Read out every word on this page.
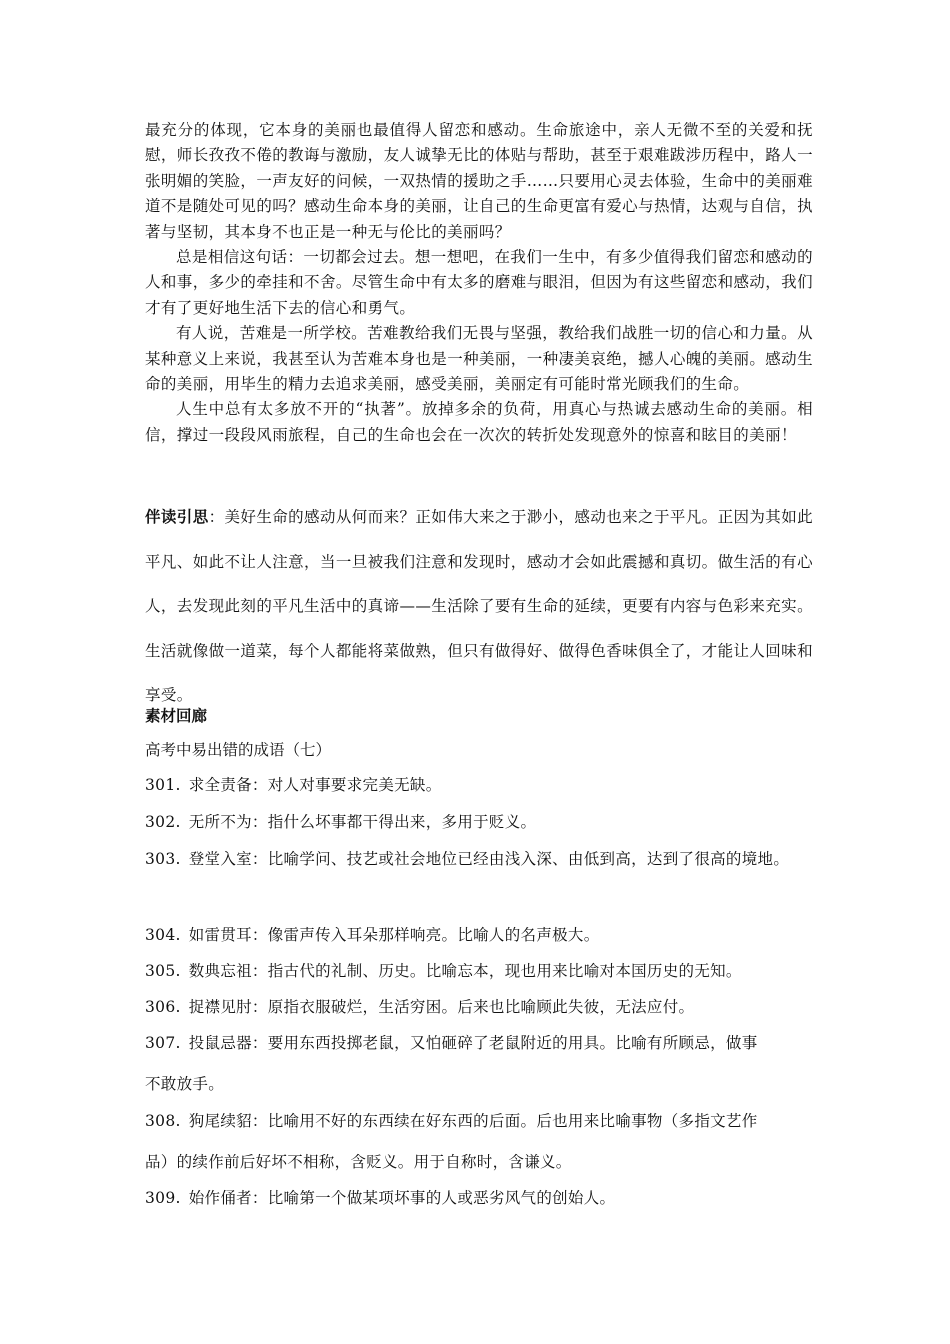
最充分的体现，它本身的美丽也最值得人留恋和感动。生命旅途中，亲人无微不至的关爱和抚慰，师长孜孜不倦的教诲与激励，友人诚挚无比的体贴与帮助，甚至于艰难跋涉历程中，路人一张明媚的笑脸，一声友好的问候，一双热情的援助之手……只要用心灵去体验，生命中的美丽难道不是随处可见的吗？感动生命本身的美丽，让自己的生命更富有爱心与热情，达观与自信，执著与坚韧，其本身不也正是一种无与伦比的美丽吗？

总是相信这句话：一切都会过去。想一想吧，在我们一生中，有多少值得我们留恋和感动的人和事，多少的牵挂和不舍。尽管生命中有太多的磨难与眼泪，但因为有这些留恋和感动，我们才有了更好地生活下去的信心和勇气。

有人说，苦难是一所学校。苦难教给我们无畏与坚强，教给我们战胜一切的信心和力量。从某种意义上来说，我甚至认为苦难本身也是一种美丽，一种凄美哀绝，撼人心魄的美丽。感动生命的美丽，用毕生的精力去追求美丽，感受美丽，美丽定有可能时常光顾我们的生命。

人生中总有太多放不开的“执著”。放掉多余的负荷，用真心与热诚去感动生命的美丽。相信，撑过一段段风雨旅程，自己的生命也会在一次次的转折处发现意外的惊喜和眩目的美丽！

伴读引思：美好生命的感动从何而来？正如伟大来之于渺小，感动也来之于平凡。正因为其如此平凡、如此不让人注意，当一旦被我们注意和发现时，感动才会如此震撼和真切。做生活的有心人，去发现此刻的平凡生活中的真谛——生活除了要有生命的延续，更要有内容与色彩来充实。生活就像做一道菜，每个人都能将菜做熟，但只有做得好、做得色香味俱全了，才能让人回味和享受。

素材回廊

高考中易出错的成语（七）

301. 求全责备：对人对事要求完美无缺。
302. 无所不为：指什么坏事都干得出来，多用于贬义。
303. 登堂入室：比喻学问、技艺或社会地位已经由浅入深、由低到高，达到了很高的境地。
304. 如雷贯耳：像雷声传入耳朵那样响亮。比喻人的名声极大。
305. 数典忘祖：指古代的礼制、历史。比喻忘本，现也用来比喻对本国历史的无知。
306. 捉襟见肘：原指衣服破烂，生活穷困。后来也比喻顾此失彼，无法应付。
307. 投鼠忌器：要用东西投掷老鼠，又怕砸碎了老鼠附近的用具。比喻有所顾忌，做事
不敢放手。
308. 狗尾续貂：比喻用不好的东西续在好东西的后面。后也用来比喻事物（多指文艺作
品）的续作前后好坏不相称，含贬义。用于自称时，含谦义。
309. 始作俑者：比喻第一个做某项坏事的人或恶劣风气的创始人。
